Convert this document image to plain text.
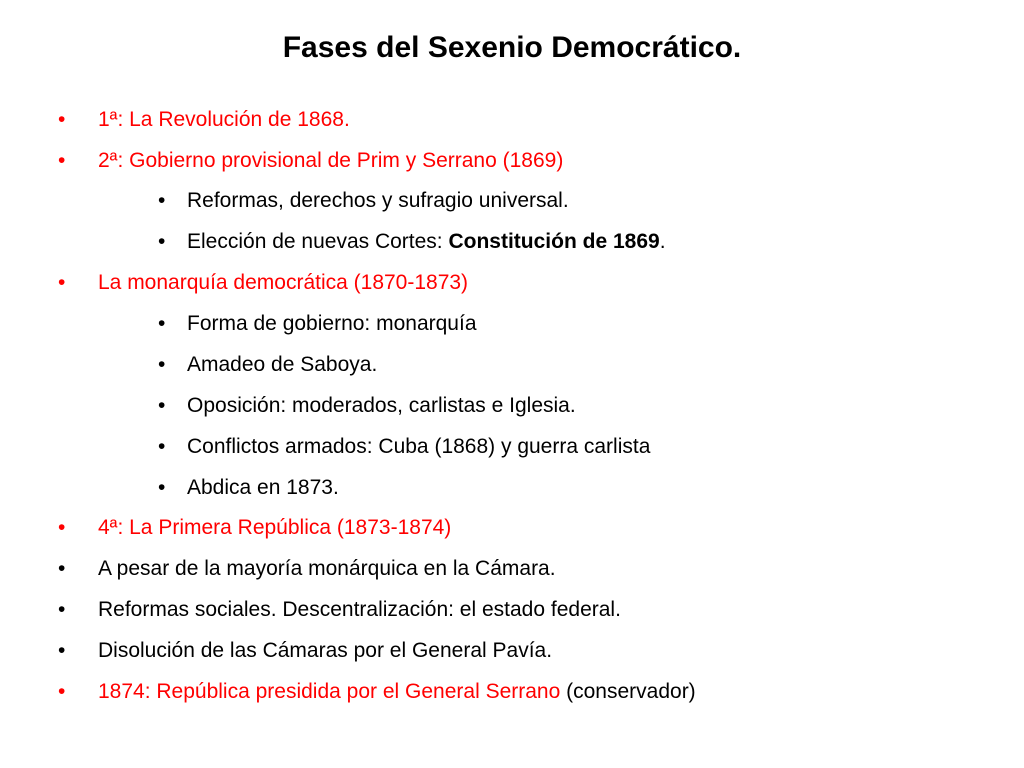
Fases del Sexenio Democrático.
•	1ª: La Revolución de 1868.
•	2ª: Gobierno provisional de Prim y Serrano (1869)
•	Reformas, derechos y sufragio universal.
•	Elección de nuevas Cortes: Constitución de 1869.
•	La monarquía democrática (1870-1873)
•	Forma de gobierno: monarquía
•	Amadeo de Saboya.
•	Oposición: moderados, carlistas e Iglesia.
•	Conflictos armados: Cuba (1868) y guerra carlista
•	Abdica en 1873.
•	4ª: La Primera República (1873-1874)
•	A pesar de la mayoría monárquica en la Cámara.
•	Reformas sociales. Descentralización: el estado federal.
•	Disolución de las Cámaras por el General Pavía.
•	1874: República presidida por el General Serrano (conservador)
